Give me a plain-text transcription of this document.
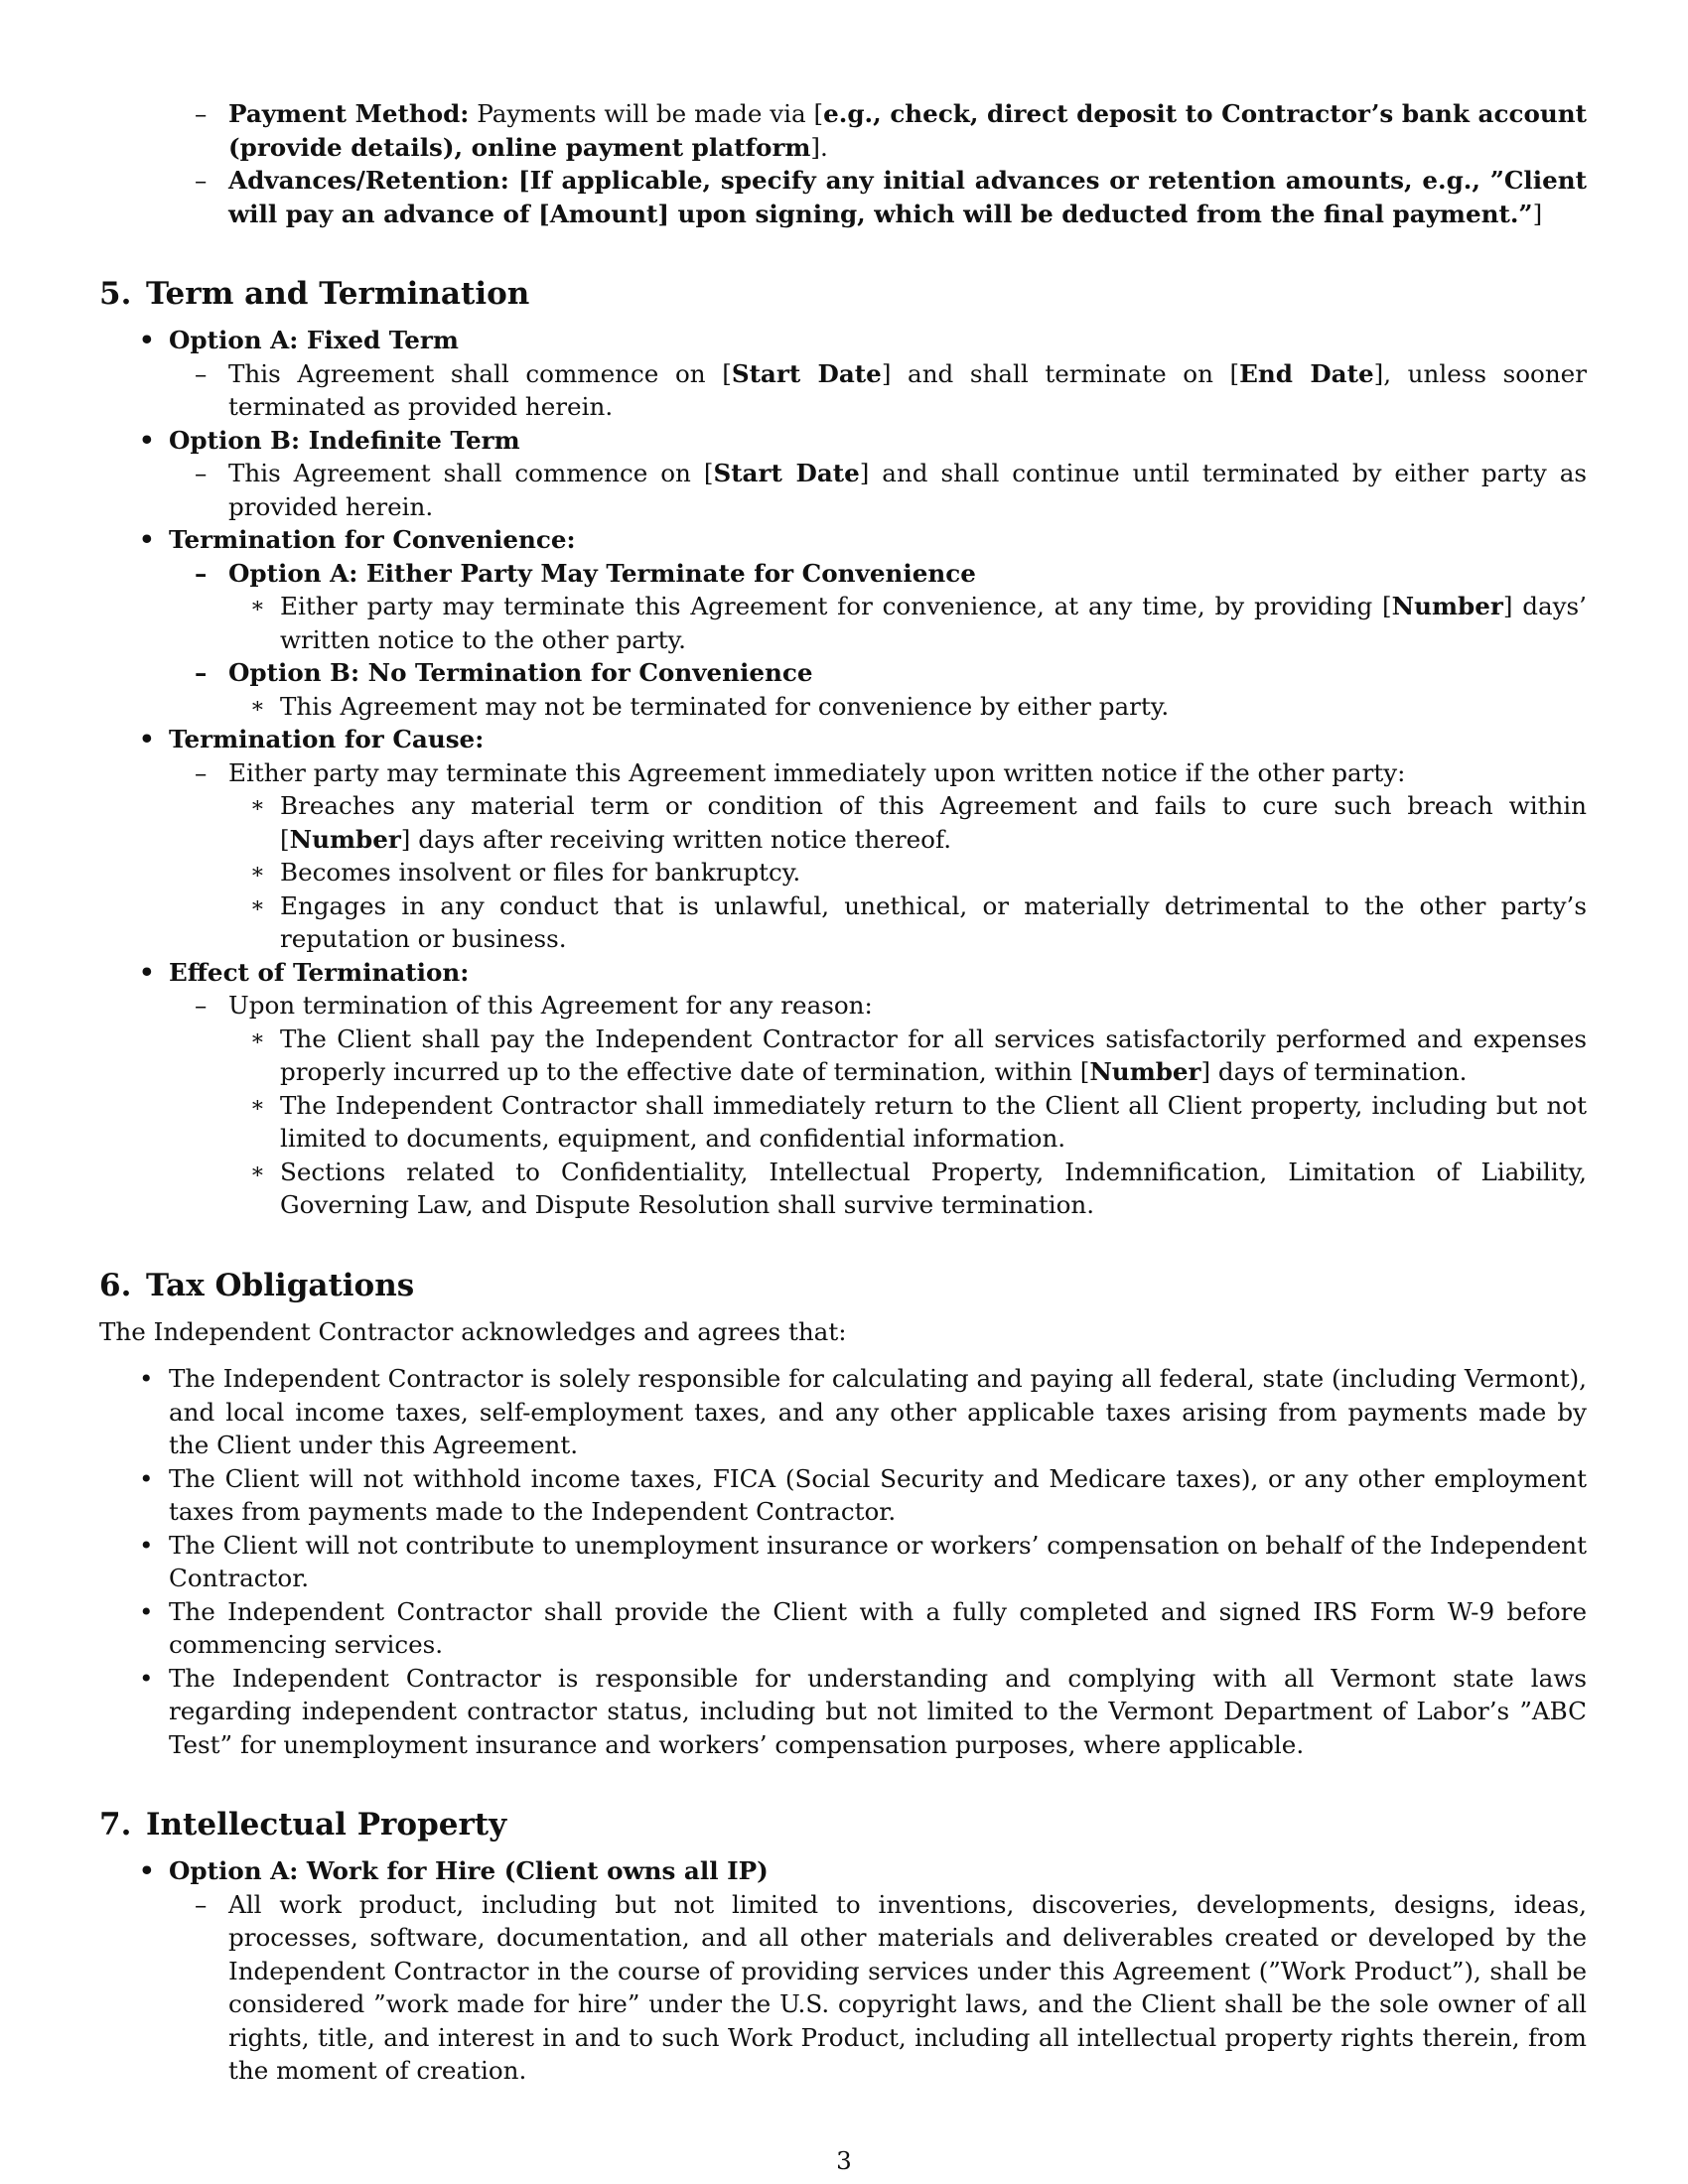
– Payment Method: Payments will be made via [e.g., check, direct deposit to Contractor’s bank account (provide details), online payment platform].
– Advances/Retention: [If applicable, specify any initial advances or retention amounts, e.g., ”Client will pay an advance of [Amount] upon signing, which will be deducted from the final payment.”]
5. Term and Termination
• Option A: Fixed Term
– This Agreement shall commence on [Start Date] and shall terminate on [End Date], unless sooner terminated as provided herein.
• Option B: Indefinite Term
– This Agreement shall commence on [Start Date] and shall continue until terminated by either party as provided herein.
• Termination for Convenience:
– Option A: Either Party May Terminate for Convenience
∗ Either party may terminate this Agreement for convenience, at any time, by providing [Number] days’ written notice to the other party.
– Option B: No Termination for Convenience
∗ This Agreement may not be terminated for convenience by either party.
• Termination for Cause:
– Either party may terminate this Agreement immediately upon written notice if the other party:
∗ Breaches any material term or condition of this Agreement and fails to cure such breach within [Number] days after receiving written notice thereof.
∗ Becomes insolvent or files for bankruptcy.
∗ Engages in any conduct that is unlawful, unethical, or materially detrimental to the other party’s reputation or business.
• Effect of Termination:
– Upon termination of this Agreement for any reason:
∗ The Client shall pay the Independent Contractor for all services satisfactorily performed and expenses properly incurred up to the effective date of termination, within [Number] days of termination.
∗ The Independent Contractor shall immediately return to the Client all Client property, including but not limited to documents, equipment, and confidential information.
∗ Sections related to Confidentiality, Intellectual Property, Indemnification, Limitation of Liability, Governing Law, and Dispute Resolution shall survive termination.
6. Tax Obligations
The Independent Contractor acknowledges and agrees that:
• The Independent Contractor is solely responsible for calculating and paying all federal, state (including Vermont), and local income taxes, self-employment taxes, and any other applicable taxes arising from payments made by the Client under this Agreement.
• The Client will not withhold income taxes, FICA (Social Security and Medicare taxes), or any other employment taxes from payments made to the Independent Contractor.
• The Client will not contribute to unemployment insurance or workers’ compensation on behalf of the Independent Contractor.
• The Independent Contractor shall provide the Client with a fully completed and signed IRS Form W-9 before commencing services.
• The Independent Contractor is responsible for understanding and complying with all Vermont state laws regarding independent contractor status, including but not limited to the Vermont Department of Labor’s ”ABC Test” for unemployment insurance and workers’ compensation purposes, where applicable.
7. Intellectual Property
• Option A: Work for Hire (Client owns all IP)
– All work product, including but not limited to inventions, discoveries, developments, designs, ideas, processes, software, documentation, and all other materials and deliverables created or developed by the Independent Contractor in the course of providing services under this Agreement (”Work Product”), shall be considered ”work made for hire” under the U.S. copyright laws, and the Client shall be the sole owner of all rights, title, and interest in and to such Work Product, including all intellectual property rights therein, from the moment of creation.
3
